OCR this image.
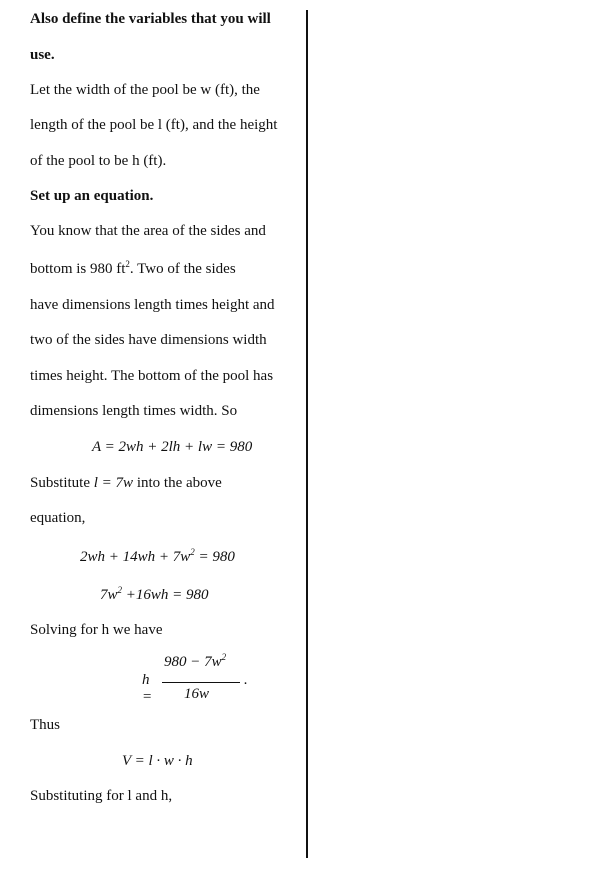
Also define the variables that you will
use.
Let the width of the pool be w (ft), the
length of the pool be l (ft), and the height
of the pool to be h (ft).
Set up an equation.
You know that the area of the sides and
have dimensions length times height and
two of the sides have dimensions width
times height. The bottom of the pool has
dimensions length times width. So
equation,
Solving for h we have
Thus
Substituting for l and h,
bottom is 980 $ft^2$. Two of the sides
A = 2wh + 2lh + lw = 980
Substitute l = 7w into the above
$2wh + 14wh + 7w^2 = 980$
$7w^2 +16wh = 980$
h =
$980 - 7w^2$
16w
.
V = l · w · h
